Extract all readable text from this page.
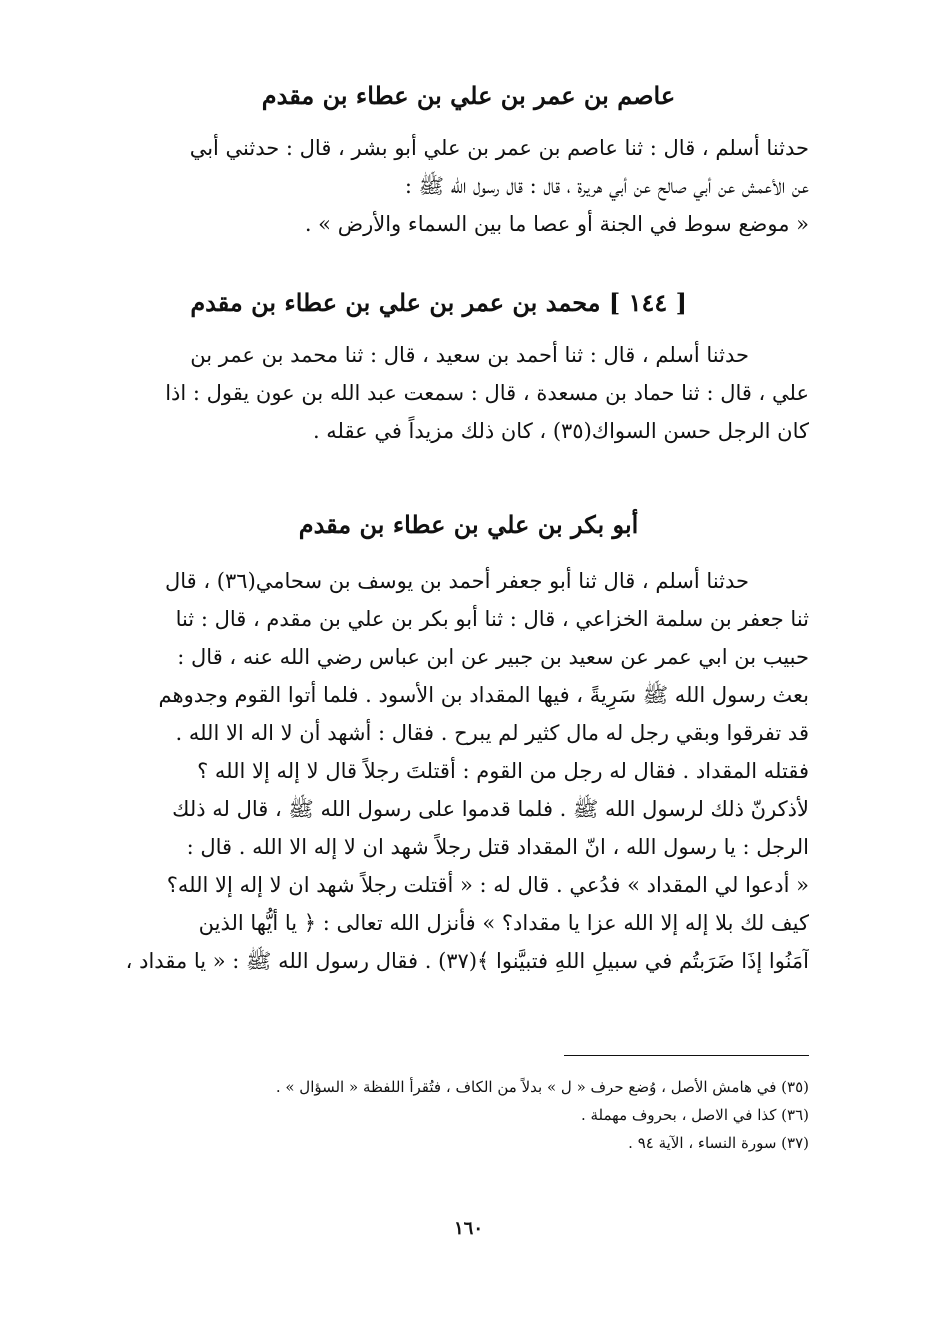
عاصم بن عمر بن علي بن عطاء بن مقدم

حدثنا أسلم ، قال : ثنا عاصم بن عمر بن علي أبو بشر ، قال : حدثني أبي
عن الأعمش عن أبي صالح عن أبي هريرة ، قال : قال رسول الله ﷺ :
« موضع سوط في الجنة أو عصا ما بين السماء والأرض » .

[ ١٤٤ ] محمد بن عمر بن علي بن عطاء بن مقدم

حدثنا أسلم ، قال : ثنا أحمد بن سعيد ، قال : ثنا محمد بن عمر بن
علي ، قال : ثنا حماد بن مسعدة ، قال : سمعت عبد الله بن عون يقول : اذا
كان الرجل حسن السواك(٣٥) ، كان ذلك مزيداً في عقله .

أبو بكر بن علي بن عطاء بن مقدم

حدثنا أسلم ، قال ثنا أبو جعفر أحمد بن يوسف بن سحامي(٣٦) ، قال
ثنا جعفر بن سلمة الخزاعي ، قال : ثنا أبو بكر بن علي بن مقدم ، قال : ثنا
حبيب بن ابي عمر عن سعيد بن جبير عن ابن عباس رضي الله عنه ، قال :
بعث رسول الله ﷺ سَرِيةً ، فيها المقداد بن الأسود . فلما أتوا القوم وجدوهم
قد تفرقوا وبقي رجل له مال كثير لم يبرح . فقال : أشهد أن لا اله الا الله .
فقتله المقداد . فقال له رجل من القوم : أقتلتَ رجلاً قال لا إله إلا الله ؟
لأذكرنّ ذلك لرسول الله ﷺ . فلما قدموا على رسول الله ﷺ ، قال له ذلك
الرجل : يا رسول الله ، انّ المقداد قتل رجلاً شهد ان لا إله الا الله . قال :
« أدعوا لي المقداد » فدُعي . قال له : « أقتلت رجلاً شهد ان لا إله إلا الله؟
كيف لك بلا إله إلا الله عزا يا مقداد؟ » فأنزل الله تعالى : ﴿ يا أيُّها الذين
آمَنُوا إذَا ضَرَبتُم في سبيلِ اللهِ فتبيَّنوا ﴾(٣٧) . فقال رسول الله ﷺ : « يا مقداد ،

(٣٥) في هامش الأصل ، وُضع حرف « ل » بدلاً من الكاف ، فتُقرأ اللفظة « السؤال » .
(٣٦) كذا في الاصل ، بحروف مهملة .
(٣٧) سورة النساء ، الآية ٩٤ .
١٦٠
